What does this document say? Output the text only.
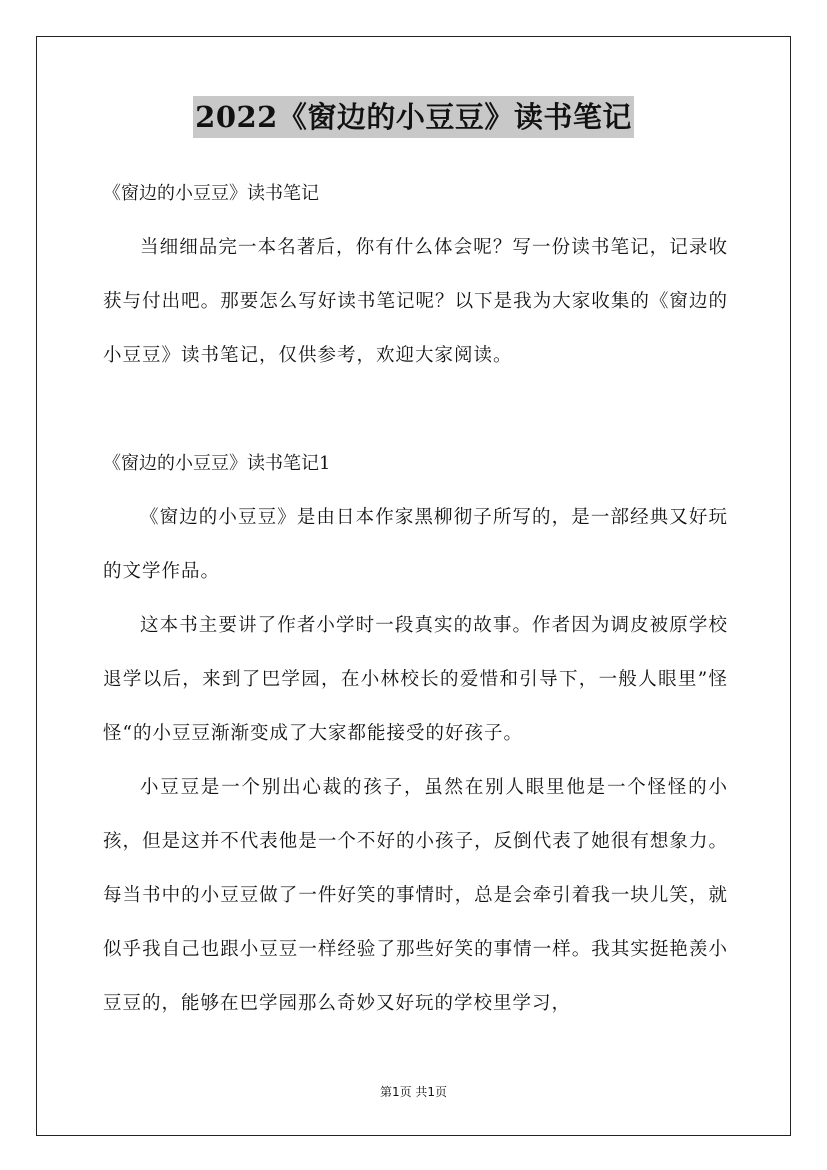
2022《窗边的小豆豆》读书笔记
《窗边的小豆豆》读书笔记
当细细品完一本名著后，你有什么体会呢？写一份读书笔记，记录收获与付出吧。那要怎么写好读书笔记呢？以下是我为大家收集的《窗边的小豆豆》读书笔记，仅供参考，欢迎大家阅读。
《窗边的小豆豆》读书笔记1
《窗边的小豆豆》是由日本作家黑柳彻子所写的，是一部经典又好玩的文学作品。
这本书主要讲了作者小学时一段真实的故事。作者因为调皮被原学校退学以后，来到了巴学园，在小林校长的爱惜和引导下，一般人眼里”怪怪“的小豆豆渐渐变成了大家都能接受的好孩子。
小豆豆是一个别出心裁的孩子，虽然在别人眼里他是一个怪怪的小孩，但是这并不代表他是一个不好的小孩子，反倒代表了她很有想象力。每当书中的小豆豆做了一件好笑的事情时，总是会牵引着我一块儿笑，就似乎我自己也跟小豆豆一样经验了那些好笑的事情一样。我其实挺艳羡小豆豆的，能够在巴学园那么奇妙又好玩的学校里学习，
第1页 共1页
